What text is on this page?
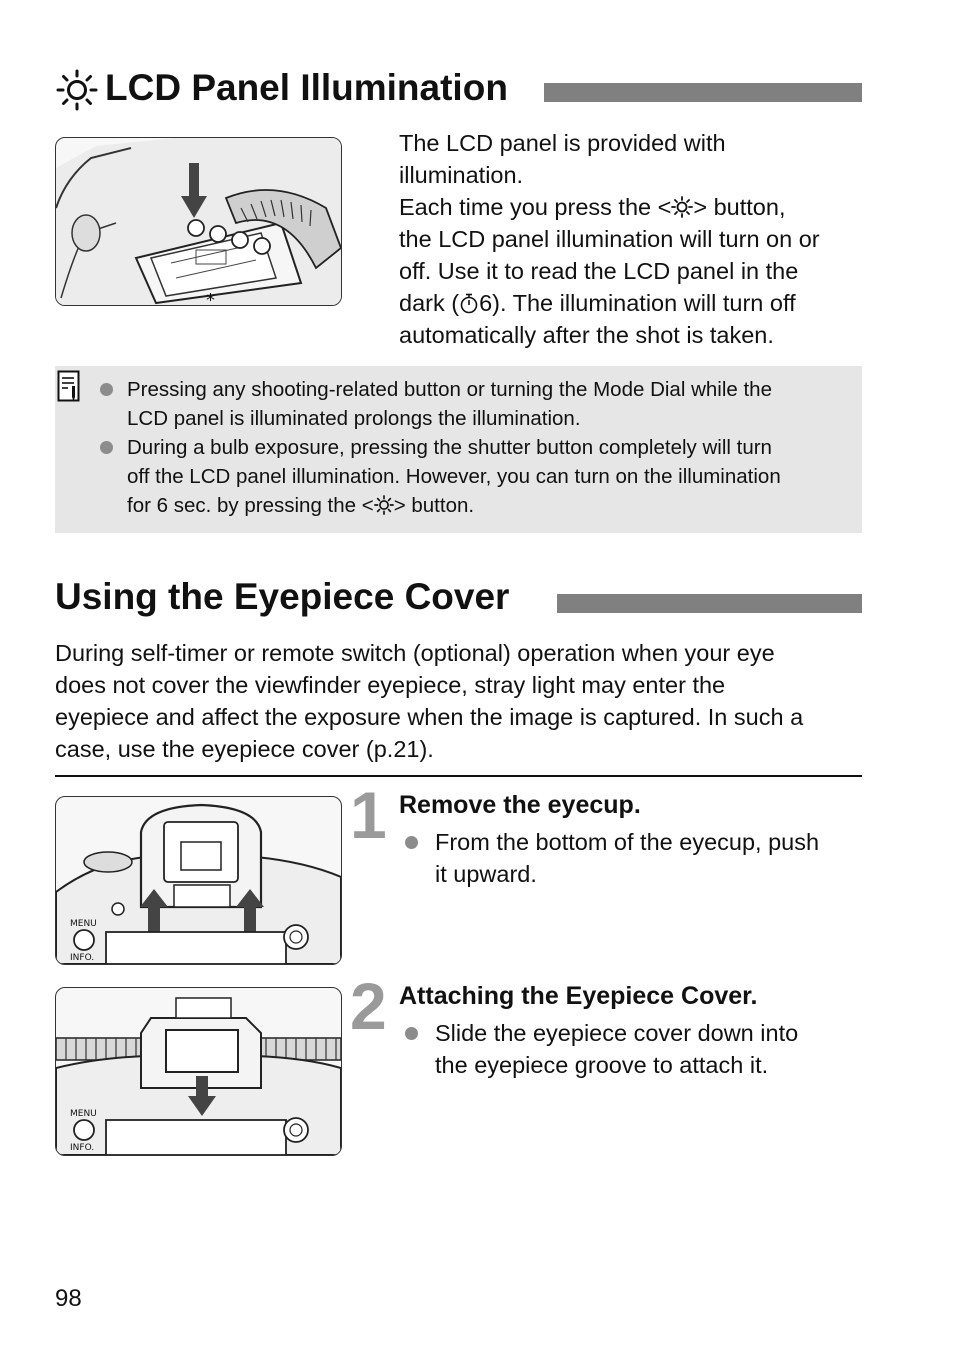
LCD Panel Illumination
*
The LCD panel is provided with
illumination.
Each time you press the < > button,
the LCD panel illumination will turn on or
off. Use it to read the LCD panel in the
dark ( 6). The illumination will turn off
automatically after the shot is taken.
Pressing any shooting-related button or turning the Mode Dial while the
LCD panel is illuminated prolongs the illumination.
During a bulb exposure, pressing the shutter button completely will turn
off the LCD panel illumination. However, you can turn on the illumination
for 6 sec. by pressing the < > button.
Using the Eyepiece Cover
During self-timer or remote switch (optional) operation when your eye
does not cover the viewfinder eyepiece, stray light may enter the
eyepiece and affect the exposure when the image is captured. In such a
case, use the eyepiece cover (p.21).
MENU
INFO.
1 Remove the eyecup.
From the bottom of the eyecup, push
it upward.
MENU
INFO.
2 Attaching the Eyepiece Cover.
Slide the eyepiece cover down into
the eyepiece groove to attach it.
98
